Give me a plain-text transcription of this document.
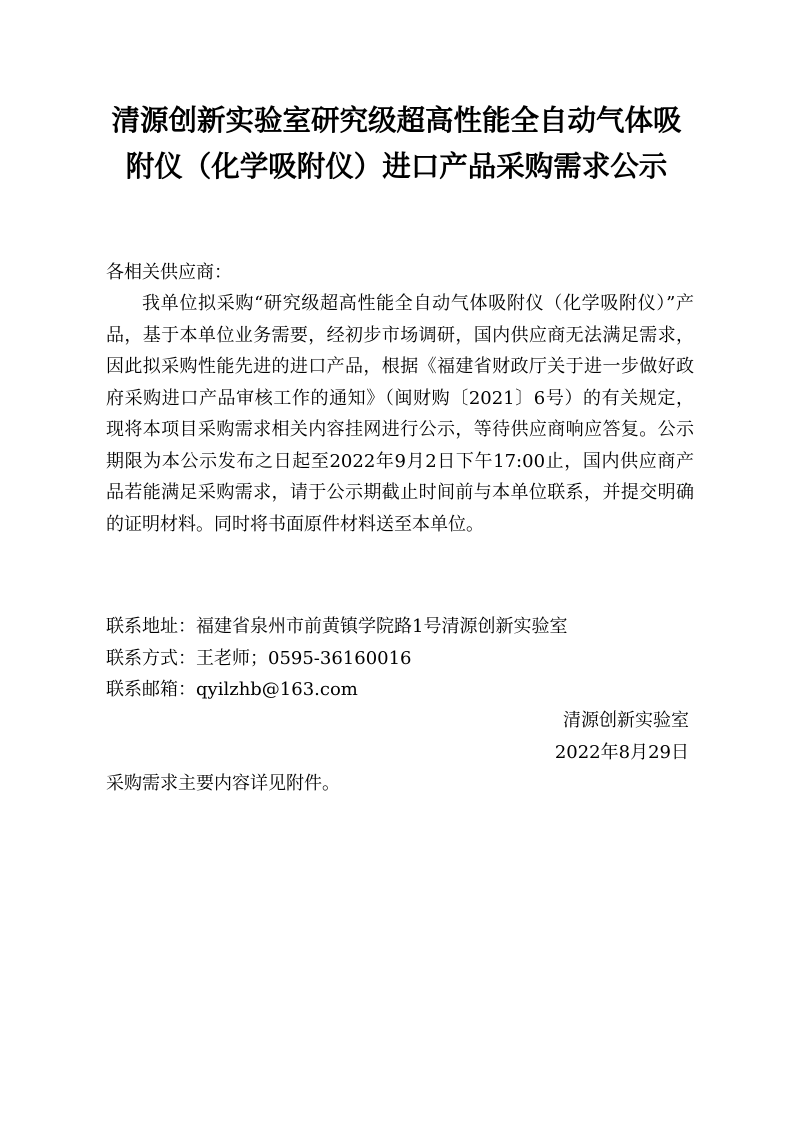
清源创新实验室研究级超高性能全自动气体吸附仪（化学吸附仪）进口产品采购需求公示

各相关供应商：

我单位拟采购“研究级超高性能全自动气体吸附仪（化学吸附仪）”产品，基于本单位业务需要，经初步市场调研，国内供应商无法满足需求，因此拟采购性能先进的进口产品，根据《福建省财政厅关于进一步做好政府采购进口产品审核工作的通知》（闽财购〔2021〕6号）的有关规定，现将本项目采购需求相关内容挂网进行公示，等待供应商响应答复。公示期限为本公示发布之日起至2022年9月2日下午17:00止，国内供应商产品若能满足采购需求，请于公示期截止时间前与本单位联系，并提交明确的证明材料。同时将书面原件材料送至本单位。

联系地址：福建省泉州市前黄镇学院路1号清源创新实验室
联系方式：王老师；0595-36160016
联系邮箱：qyilzhb@163.com

清源创新实验室

2022年8月29日

采购需求主要内容详见附件。
